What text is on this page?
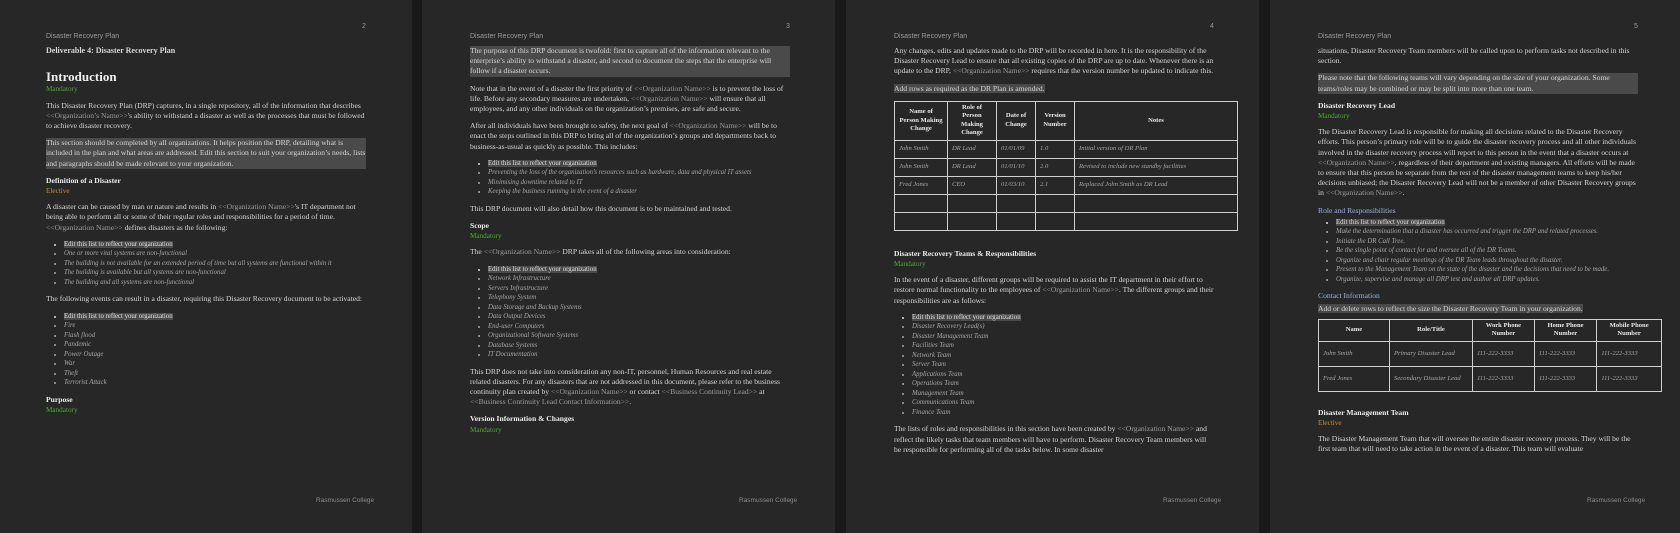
Disaster Recovery Plan
2

Deliverable 4: Disaster Recovery Plan

Introduction
Mandatory

This Disaster Recovery Plan (DRP) captures, in a single repository, all of the information that describes <<Organization’s Name>>'s ability to withstand a disaster as well as the processes that must be followed to achieve disaster recovery.

This section should be completed by all organizations. It helps position the DRP, detailing what is included in the plan and what areas are addressed. Edit this section to suit your organization’s needs, lists and paragraphs should be made relevant to your organization.

Definition of a Disaster

Elective

A disaster can be caused by man or nature and results in <<Organization Name>>'s IT department not being able to perform all or some of their regular roles and responsibilities for a period of time. <<Organization Name>> defines disasters as the following:

• Edit this list to reflect your organization
• One or more vital systems are non-functional
• The building is not available for an extended period of time but all systems are functional within it
• The building is available but all systems are non-functional
• The building and all systems are non-functional

The following events can result in a disaster, requiring this Disaster Recovery document to be activated:

• Edit this list to reflect your organization
• Fire
• Flash flood
• Pandemic
• Power Outage
• War
• Theft
• Terrorist Attack

Purpose

Mandatory
Rasmussen College
Disaster Recovery Plan
3

The purpose of this DRP document is twofold: first to capture all of the information relevant to the enterprise’s ability to withstand a disaster, and second to document the steps that the enterprise will follow if a disaster occurs.

Note that in the event of a disaster the first priority of <<Organization Name>> is to prevent the loss of life. Before any secondary measures are undertaken, <<Organization Name>> will ensure that all employees, and any other individuals on the organization’s premises, are safe and secure.

After all individuals have been brought to safety, the next goal of <<Organization Name>> will be to enact the steps outlined in this DRP to bring all of the organization’s groups and departments back to business-as-usual as quickly as possible. This includes:

• Edit this list to reflect your organization
• Preventing the loss of the organization’s resources such as hardware, data and physical IT assets
• Minimising downtime related to IT
• Keeping the business running in the event of a disaster

This DRP document will also detail how this document is to be maintained and tested.

Scope

Mandatory

The <<Organization Name>> DRP takes all of the following areas into consideration:

• Edit this list to reflect your organization
• Network Infrastructure
• Servers Infrastructure
• Telephony System
• Data Storage and Backup Systems
• Data Output Devices
• End-user Computers
• Organizational Software Systems
• Database Systems
• IT Documentation

This DRP does not take into consideration any non-IT, personnel, Human Resources and real estate related disasters. For any disasters that are not addressed in this document, please refer to the business continuity plan created by <<Organization Name>> or contact <<Business Continuity Lead>> at <<Business Continuity Lead Contact Information>>.

Version Information & Changes

Mandatory
Rasmussen College
Disaster Recovery Plan
4

Any changes, edits and updates made to the DRP will be recorded in here. It is the responsibility of the Disaster Recovery Lead to ensure that all existing copies of the DRP are up to date. Whenever there is an update to the DRP, <<Organization Name>> requires that the version number be updated to indicate this.

Add rows as required as the DR Plan is amended.

Name of Person Making Change	Role of Person Making Change	Date of Change	Version Number	Notes
John Smith	DR Lead	01/01/09	1.0	Initial version of DR Plan
John Smith	DR Lead	01/01/10	2.0	Revised to include new standby facilities
Fred Jones	CEO	01/03/10	2.1	Replaced John Smith as DR Lead

Disaster Recovery Teams & Responsibilities

Mandatory

In the event of a disaster, different groups will be required to assist the IT department in their effort to restore normal functionality to the employees of <<Organization Name>>. The different groups and their responsibilities are as follows:

• Edit this list to reflect your organization
• Disaster Recovery Lead(s)
• Disaster Management Team
• Facilities Team
• Network Team
• Server Team
• Applications Team
• Operations Team
• Management Team
• Communications Team
• Finance Team

The lists of roles and responsibilities in this section have been created by <<Organization Name>> and reflect the likely tasks that team members will have to perform. Disaster Recovery Team members will be responsible for performing all of the tasks below. In some disaster

Rasmussen College
Disaster Recovery Plan
5

situations, Disaster Recovery Team members will be called upon to perform tasks not described in this section.

Please note that the following teams will vary depending on the size of your organization. Some teams/roles may be combined or may be split into more than one team.

Disaster Recovery Lead

Mandatory

The Disaster Recovery Lead is responsible for making all decisions related to the Disaster Recovery efforts. This person’s primary role will be to guide the disaster recovery process and all other individuals involved in the disaster recovery process will report to this person in the event that a disaster occurs at <<Organization Name>>, regardless of their department and existing managers. All efforts will be made to ensure that this person be separate from the rest of the disaster management teams to keep his/her decisions unbiased; the Disaster Recovery Lead will not be a member of other Disaster Recovery groups in <<Organization Name>>.

Role and Responsibilities
• Edit this list to reflect your organization
• Make the determination that a disaster has occurred and trigger the DRP and related processes.
• Initiate the DR Call Tree.
• Be the single point of contact for and oversee all of the DR Teams.
• Organize and chair regular meetings of the DR Team leads throughout the disaster.
• Present to the Management Team on the state of the disaster and the decisions that need to be made.
• Organize, supervise and manage all DRP test and author all DRP updates.
Contact Information

Add or delete rows to reflect the size the Disaster Recovery Team in your organization.

Name	Role/Title	Work Phone Number	Home Phone Number	Mobile Phone Number
John Smith	Primary Disaster Lead	111-222-3333	111-222-3333	111-222-3333
Fred Jones	Secondary Disaster Lead	111-222-3333	111-222-3333	111-222-3333

Disaster Management Team

Elective

The Disaster Management Team that will oversee the entire disaster recovery process. They will be the first team that will need to take action in the event of a disaster. This team will evaluate

Rasmussen College
